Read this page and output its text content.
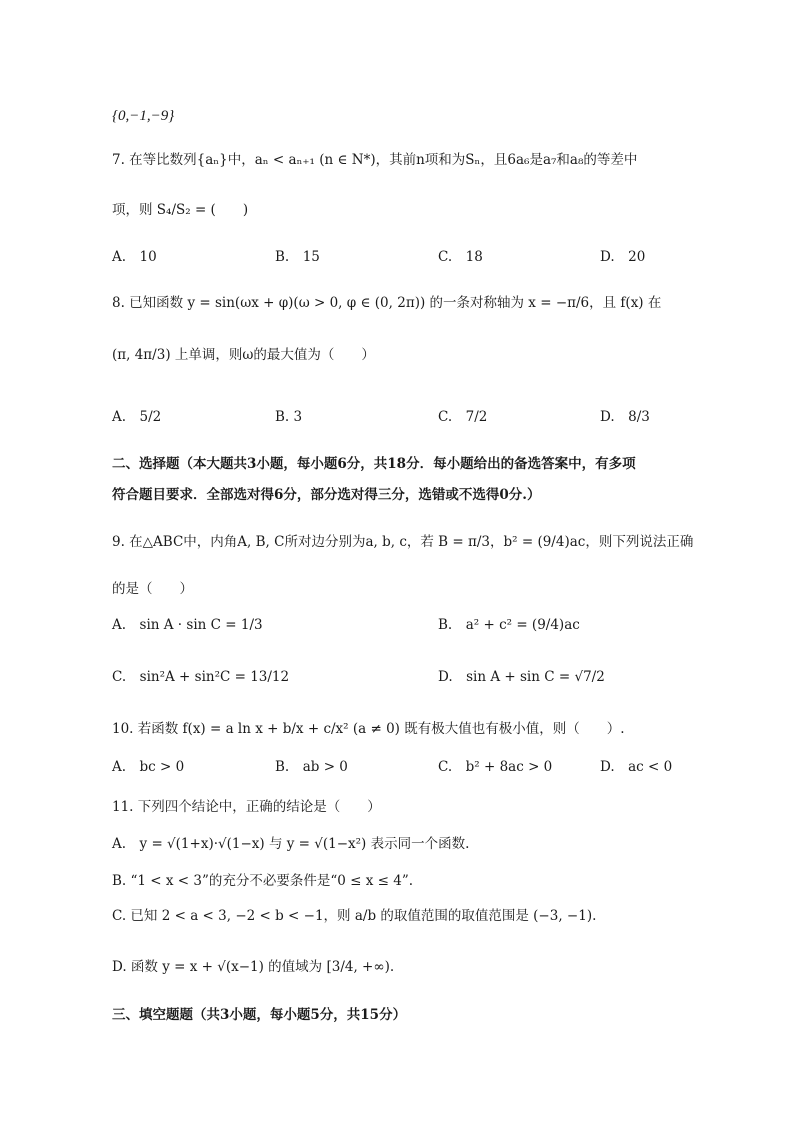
{0,−1,−9}
7. 在等比数列{aₙ}中，aₙ < aₙ₊₁ (n ∈ N*)，其前n项和为Sₙ，且6a₆是a₇和a₈的等差中
项，则 S₄/S₂ = (　　)
A.　10	B.　15	C.　18	D.　20
8. 已知函数 y = sin(ωx + φ)(ω > 0, φ ∈ (0, 2π)) 的一条对称轴为 x = −π/6，且 f(x) 在
(π, 4π/3) 上单调，则ω的最大值为（　　）
A.　5/2	B. 3	C.　7/2	D.　8/3
二、选择题（本大题共3小题，每小题6分，共18分．每小题给出的备选答案中，有多项
符合题目要求．全部选对得6分，部分选对得三分，选错或不选得0分.）
9. 在△ABC中，内角A, B, C所对边分别为a, b, c，若 B = π/3，b² = (9/4)ac，则下列说法正确
的是（　　）
A.　sin A · sin C = 1/3	B.　a² + c² = (9/4)ac
C.　sin²A + sin²C = 13/12	D.　sin A + sin C = √7/2
10. 若函数 f(x) = a ln x + b/x + c/x² (a ≠ 0) 既有极大值也有极小值，则（　　）.
A.　bc > 0	B.　ab > 0	C.　b² + 8ac > 0	D.　ac < 0
11. 下列四个结论中，正确的结论是（　　）
A.　y = √(1+x)·√(1−x) 与 y = √(1−x²) 表示同一个函数.
B. “1 < x < 3”的充分不必要条件是“0 ≤ x ≤ 4”.
C. 已知 2 < a < 3, −2 < b < −1，则 a/b 的取值范围的取值范围是 (−3, −1).
D. 函数 y = x + √(x−1) 的值域为 [3/4, +∞).
三、填空题题（共3小题，每小题5分，共15分）
